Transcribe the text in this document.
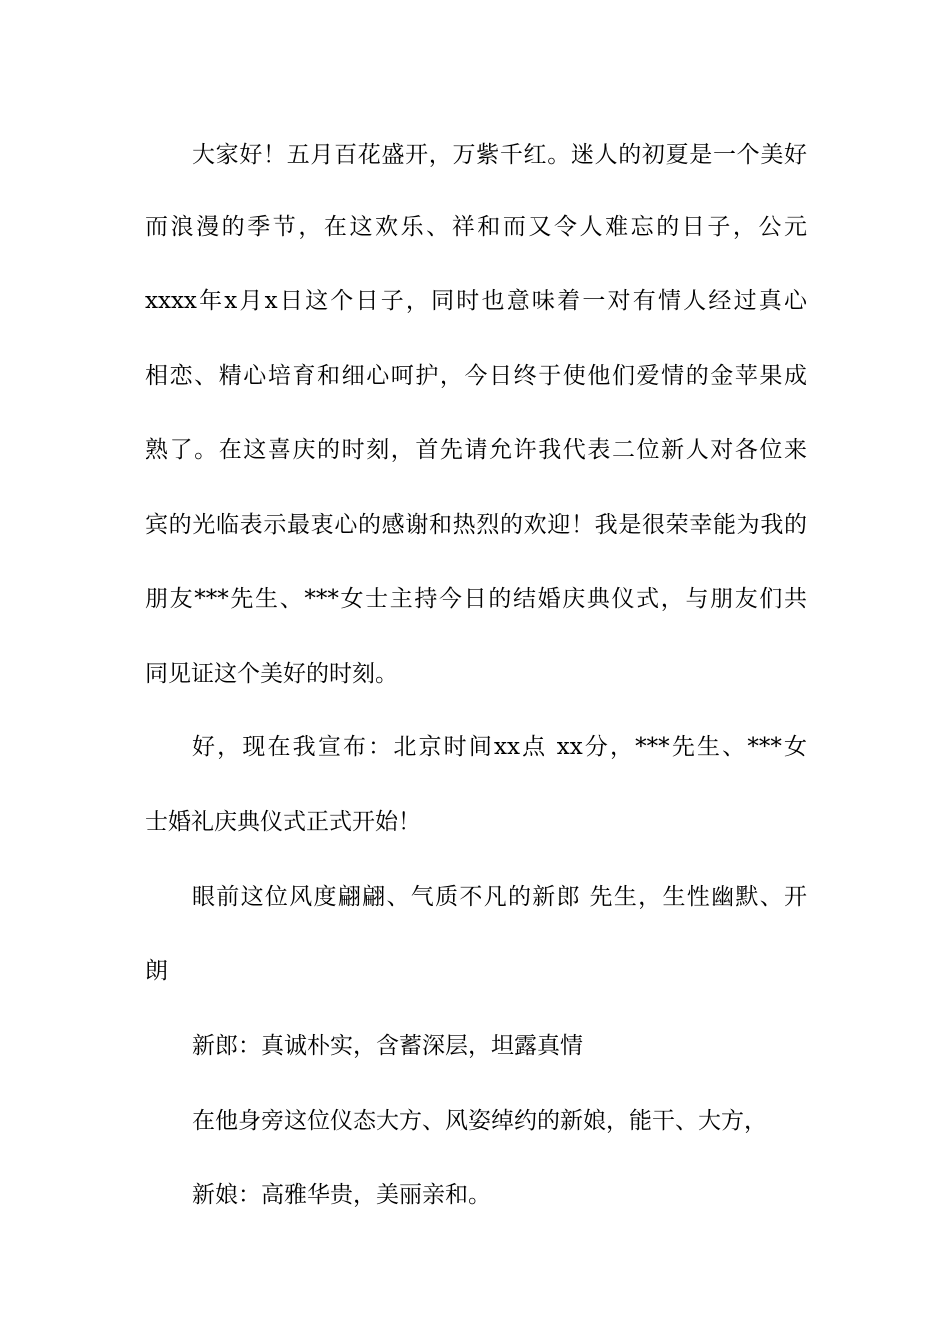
大家好！五月百花盛开，万紫千红。迷人的初夏是一个美好
而浪漫的季节，在这欢乐、祥和而又令人难忘的日子，公元
xxxx年x月x日这个日子，同时也意味着一对有情人经过真心
相恋、精心培育和细心呵护，今日终于使他们爱情的金苹果成
熟了。在这喜庆的时刻，首先请允许我代表二位新人对各位来
宾的光临表示最衷心的感谢和热烈的欢迎！我是很荣幸能为我的
朋友***先生、***女士主持今日的结婚庆典仪式，与朋友们共
同见证这个美好的时刻。
好，现在我宣布：北京时间xx点 xx分，***先生、***女
士婚礼庆典仪式正式开始！
眼前这位风度翩翩、气质不凡的新郎 先生，生性幽默、开
朗
新郎：真诚朴实，含蓄深层，坦露真情
在他身旁这位仪态大方、风姿绰约的新娘，能干、大方，
新娘：高雅华贵，美丽亲和。
